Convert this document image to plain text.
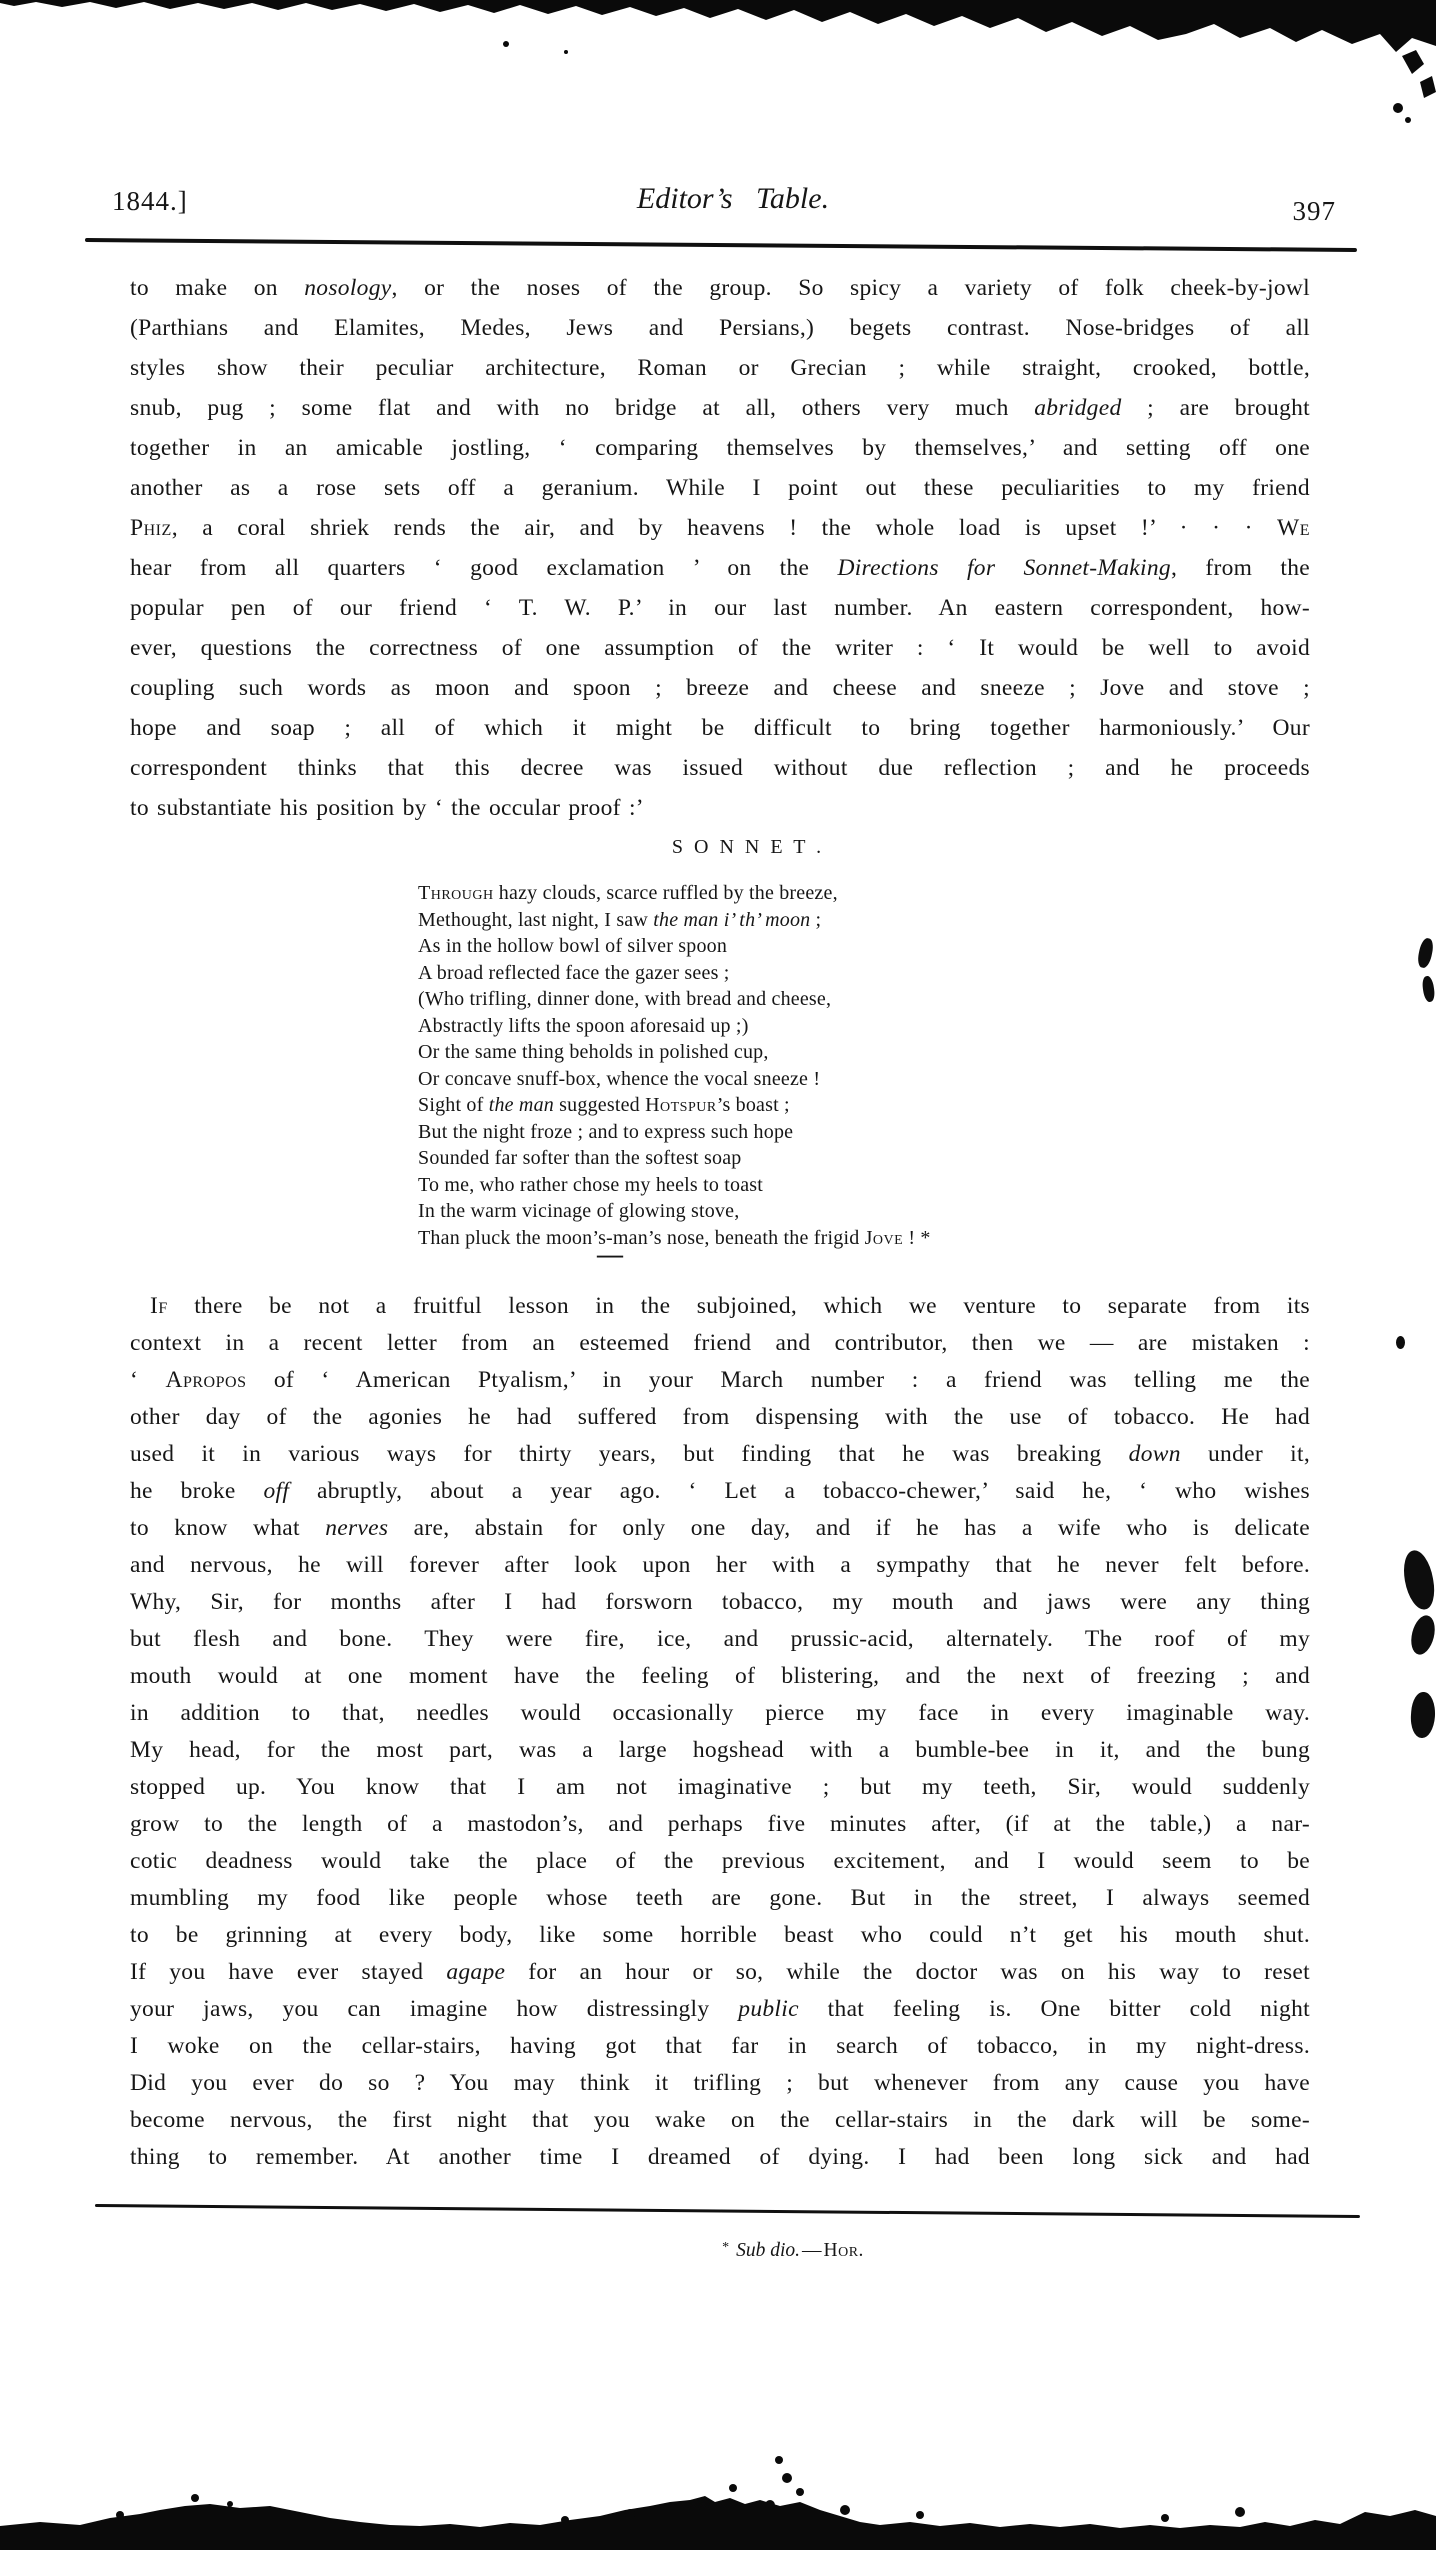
1844.]	Editor’s Table.	397
to make on nosology, or the noses of the group. So spicy a variety of folk cheek-by-jowl
(Parthians and Elamites, Medes, Jews and Persians,) begets contrast. Nose-bridges of all
styles show their peculiar architecture, Roman or Grecian ; while straight, crooked, bottle,
snub, pug ; some flat and with no bridge at all, others very much abridged ; are brought
together in an amicable jostling, ‘ comparing themselves by themselves,’ and setting off one
another as a rose sets off a geranium. While I point out these peculiarities to my friend
Phiz, a coral shriek rends the air, and by heavens ! the whole load is upset !’ · · · We
hear from all quarters ‘ good exclamation ’ on the Directions for Sonnet-Making, from the
popular pen of our friend ‘ T. W. P.’ in our last number. An eastern correspondent, how-
ever, questions the correctness of one assumption of the writer : ‘ It would be well to avoid
coupling such words as moon and spoon ; breeze and cheese and sneeze ; Jove and stove ;
hope and soap ; all of which it might be difficult to bring together harmoniously.’ Our
correspondent thinks that this decree was issued without due reflection ; and he proceeds
to substantiate his position by ‘ the occular proof :’
S O N N E T .
Through hazy clouds, scarce ruffled by the breeze,
Methought, last night, I saw the man i’ th’ moon ;
As in the hollow bowl of silver spoon
A broad reflected face the gazer sees ;
(Who trifling, dinner done, with bread and cheese,
Abstractly lifts the spoon aforesaid up ;)
Or the same thing beholds in polished cup,
Or concave snuff-box, whence the vocal sneeze !
Sight of the man suggested Hotspur’s boast ;
But the night froze ; and to express such hope
Sounded far softer than the softest soap
To me, who rather chose my heels to toast
In the warm vicinage of glowing stove,
Than pluck the moon’s-man’s nose, beneath the frigid Jove ! *
—
If there be not a fruitful lesson in the subjoined, which we venture to separate from its
context in a recent letter from an esteemed friend and contributor, then we — are mistaken :
‘ Apropos of ‘ American Ptyalism,’ in your March number : a friend was telling me the
other day of the agonies he had suffered from dispensing with the use of tobacco. He had
used it in various ways for thirty years, but finding that he was breaking down under it,
he broke off abruptly, about a year ago. ‘ Let a tobacco-chewer,’ said he, ‘ who wishes
to know what nerves are, abstain for only one day, and if he has a wife who is delicate
and nervous, he will forever after look upon her with a sympathy that he never felt before.
Why, Sir, for months after I had forsworn tobacco, my mouth and jaws were any thing
but flesh and bone. They were fire, ice, and prussic-acid, alternately. The roof of my
mouth would at one moment have the feeling of blistering, and the next of freezing ; and
in addition to that, needles would occasionally pierce my face in every imaginable way.
My head, for the most part, was a large hogshead with a bumble-bee in it, and the bung
stopped up. You know that I am not imaginative ; but my teeth, Sir, would suddenly
grow to the length of a mastodon’s, and perhaps five minutes after, (if at the table,) a nar-
cotic deadness would take the place of the previous excitement, and I would seem to be
mumbling my food like people whose teeth are gone. But in the street, I always seemed
to be grinning at every body, like some horrible beast who could n’t get his mouth shut.
If you have ever stayed agape for an hour or so, while the doctor was on his way to reset
your jaws, you can imagine how distressingly public that feeling is. One bitter cold night
I woke on the cellar-stairs, having got that far in search of tobacco, in my night-dress.
Did you ever do so ? You may think it trifling ; but whenever from any cause you have
become nervous, the first night that you wake on the cellar-stairs in the dark will be some-
thing to remember. At another time I dreamed of dying. I had been long sick and had
* Sub dio. — Hor.
